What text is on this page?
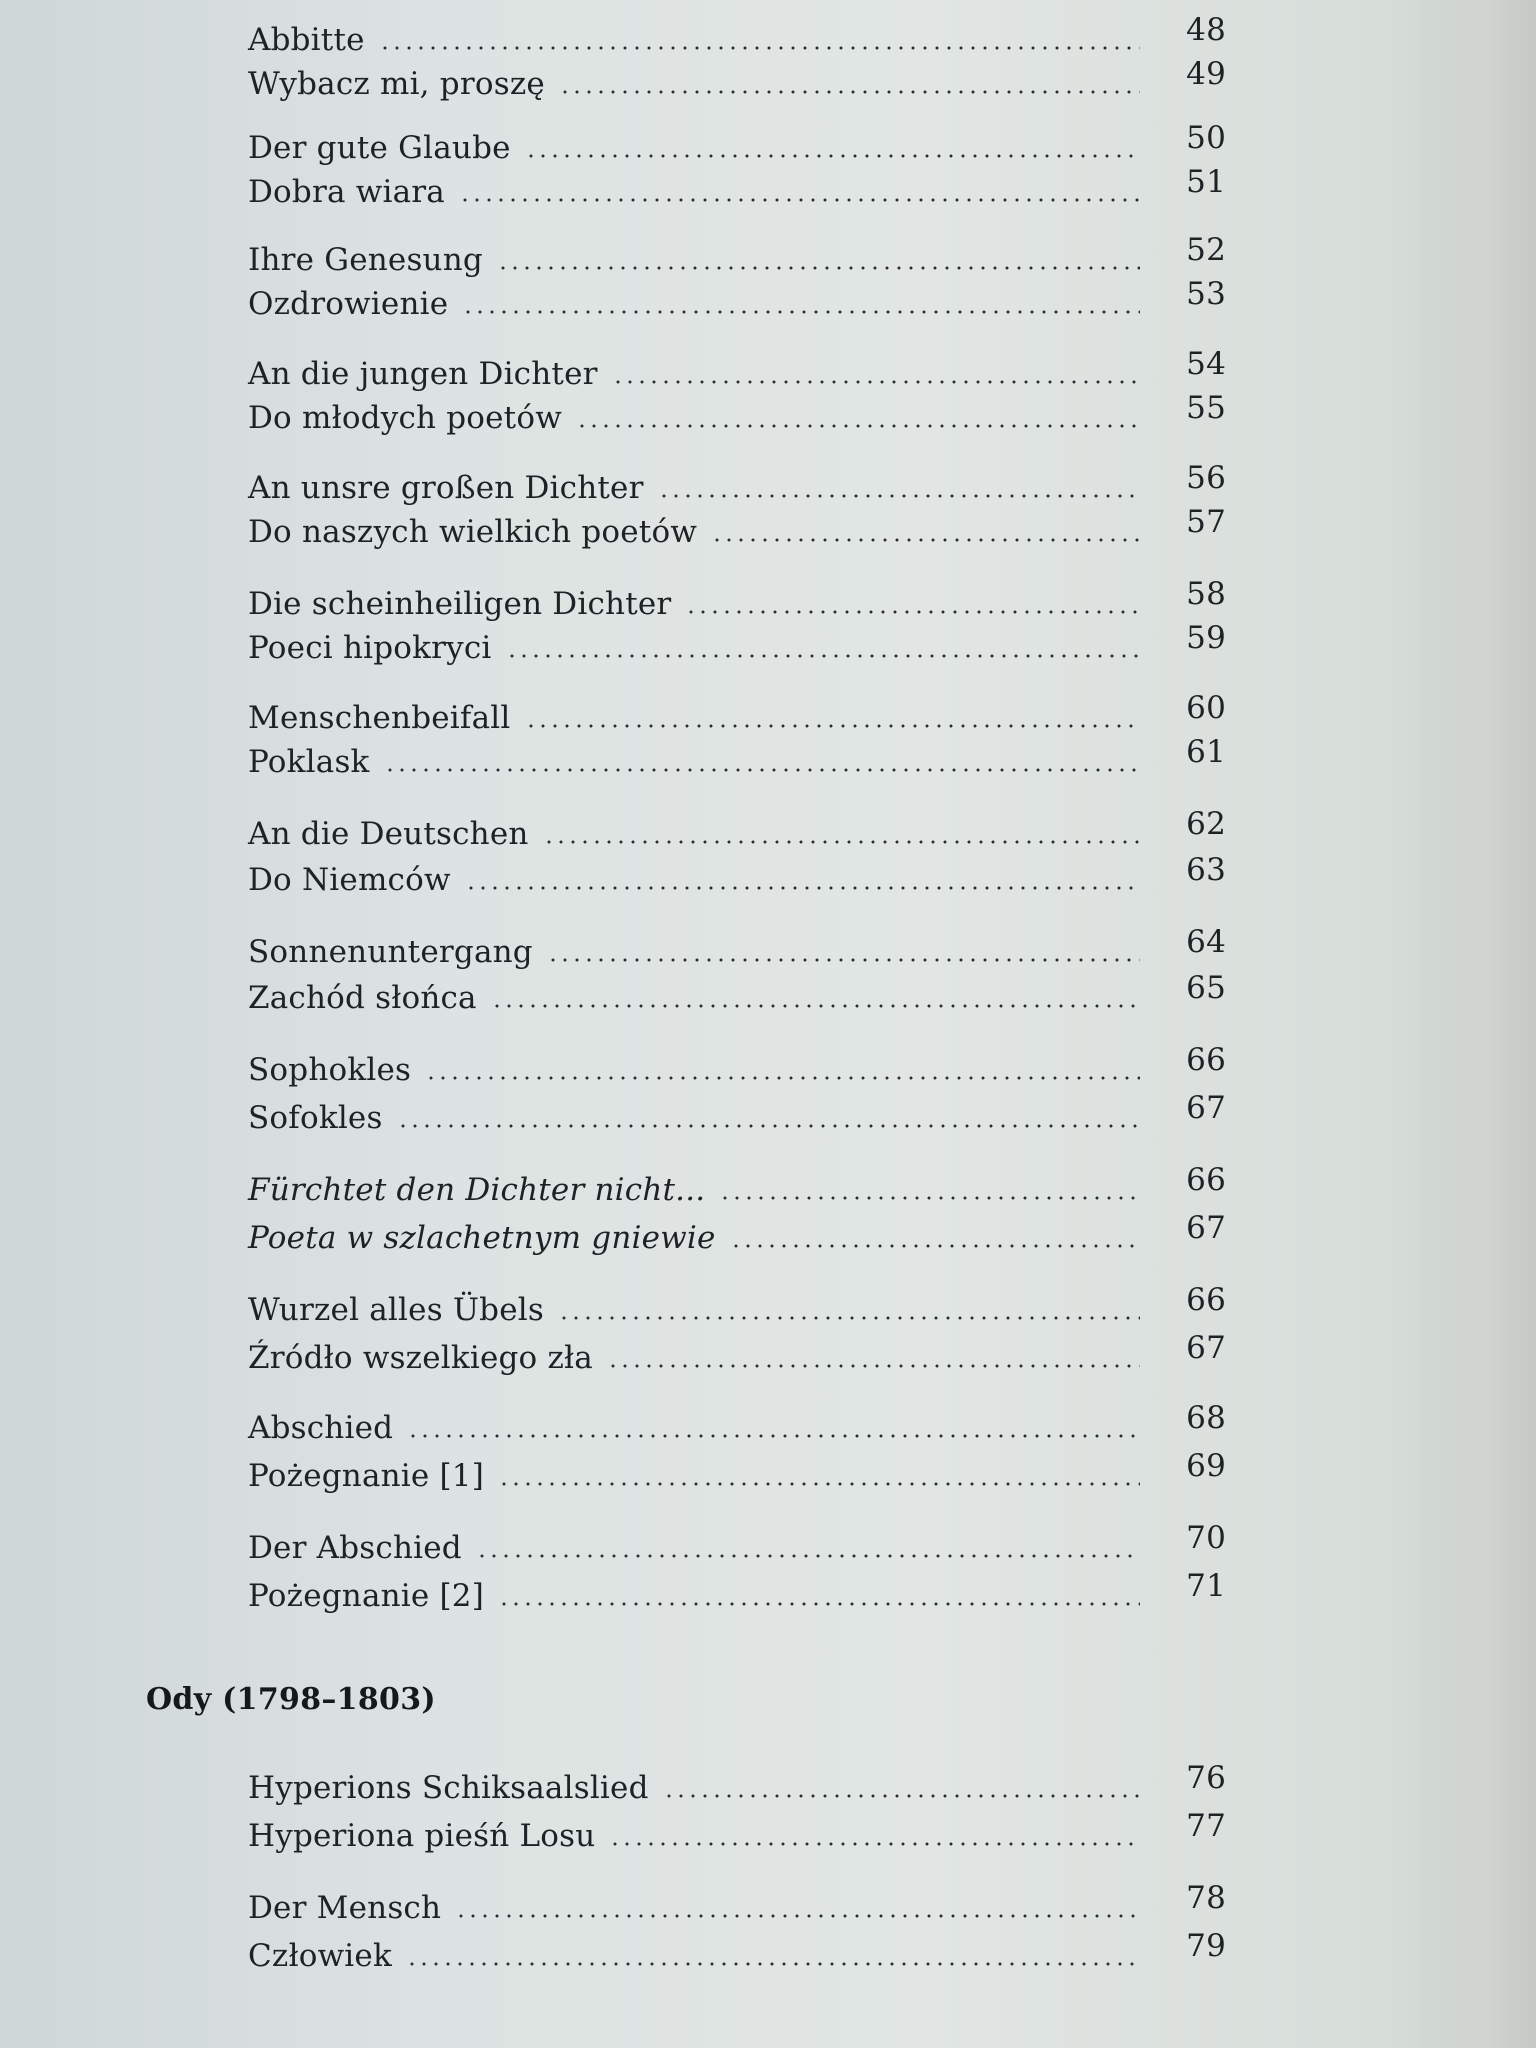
Abbitte	48
Wybacz mi, proszę	49
Der gute Glaube	50
Dobra wiara	51
Ihre Genesung	52
Ozdrowienie	53
An die jungen Dichter	54
Do młodych poetów	55
An unsre großen Dichter	56
Do naszych wielkich poetów	57
Die scheinheiligen Dichter	58
Poeci hipokryci	59
Menschenbeifall	60
Poklask	61
An die Deutschen	62
Do Niemców	63
Sonnenuntergang	64
Zachód słońca	65
Sophokles	66
Sofokles	67
Fürchtet den Dichter nicht...	66
Poeta w szlachetnym gniewie	67
Wurzel alles Übels	66
Źródło wszelkiego zła	67
Abschied	68
Pożegnanie [1]	69
Der Abschied	70
Pożegnanie [2]	71
Ody (1798–1803)
Hyperions Schiksaalslied	76
Hyperiona pieśń Losu	77
Der Mensch	78
Człowiek	79
